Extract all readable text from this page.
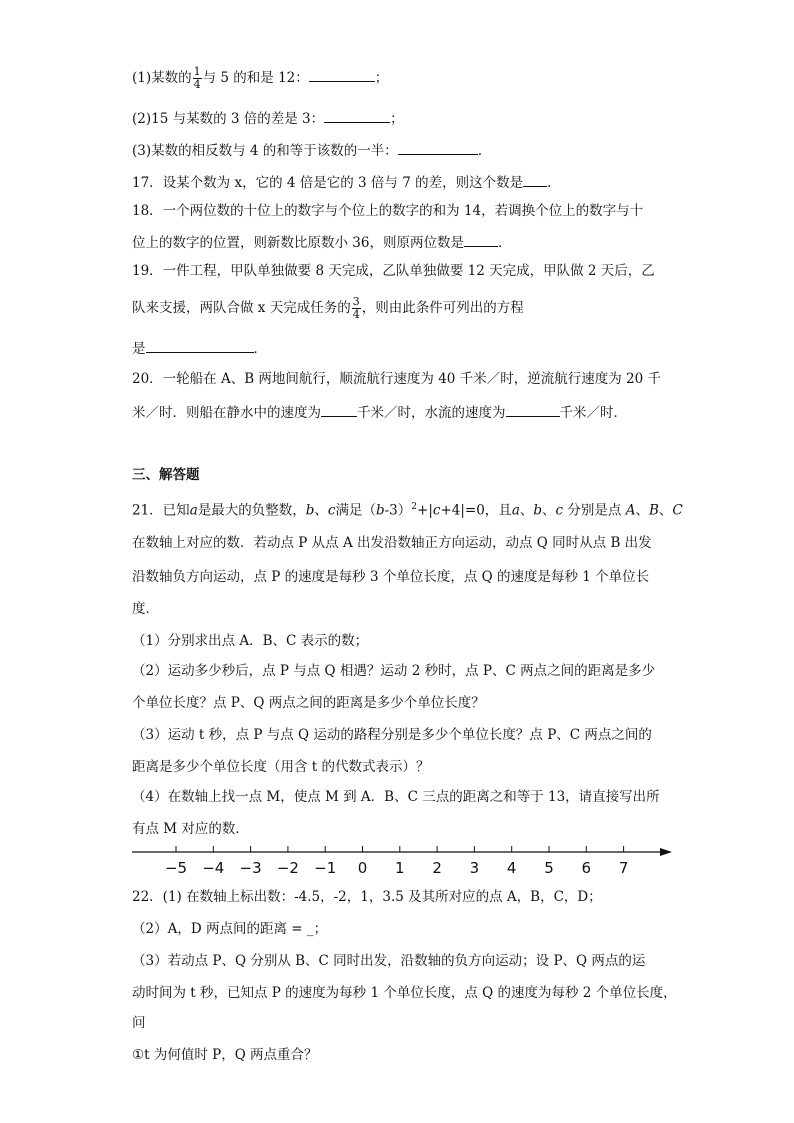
(1)某数的 $\frac{1}{4}$ 与 5 的和是 12：	；
(2)15 与某数的 3 倍的差是 3：	；
(3)某数的相反数与 4 的和等于该数的一半：	.
17．设某个数为 x，它的 4 倍是它的 3 倍与 7 的差，则这个数是 ．
18．一个两位数的十位上的数字与个位上的数字的和为 14，若调换个位上的数字与十
位上的数字的位置，则新数比原数小 36，则原两位数是	．
19．一件工程，甲队单独做要 8 天完成，乙队单独做要 12 天完成，甲队做 2 天后，乙
队来支援，两队合做 x 天完成任务的 $\frac{3}{4}$ ，则由此条件可列出的方程
是	．
20．一轮船在 A、B 两地间航行，顺流航行速度为 40 千米／时，逆流航行速度为 20 千
米／时．则船在静水中的速度为	千米／时，水流的速度为	千米／时．
三、解答题
21．已知a是最大的负整数，b、c满足$(b-3)^2+|c+4|=0$，且a、b、c 分别是点 A、B、C
在数轴上对应的数．若动点 P 从点 A 出发沿数轴正方向运动，动点 Q 同时从点 B 出发
沿数轴负方向运动，点 P 的速度是每秒 3 个单位长度，点 Q 的速度是每秒 1 个单位长
度．
（1）分别求出点 A．B、C 表示的数；
（2）运动多少秒后，点 P 与点 Q 相遇？运动 2 秒时，点 P、C 两点之间的距离是多少
个单位长度？点 P、Q 两点之间的距离是多少个单位长度？
（3）运动 t 秒，点 P 与点 Q 运动的路程分别是多少个单位长度？点 P、C 两点之间的
距离是多少个单位长度（用含 t 的代数式表示）？
（4）在数轴上找一点 M，使点 M 到 A．B、C 三点的距离之和等于 13，请直接写出所
有点 M 对应的数．
−5 −4 −3 −2 −1 0 1 2 3 4 5 6 7
22．(1) 在数轴上标出数：-4.5，-2，1，3.5 及其所对应的点 A，B，C，D；
（2）A，D 两点间的距离 = _；
（3）若动点 P、Q 分别从 B、C 同时出发，沿数轴的负方向运动；设 P、Q 两点的运
动时间为 t 秒，已知点 P 的速度为每秒 1 个单位长度，点 Q 的速度为每秒 2 个单位长度，
问
①t 为何值时 P，Q 两点重合？
